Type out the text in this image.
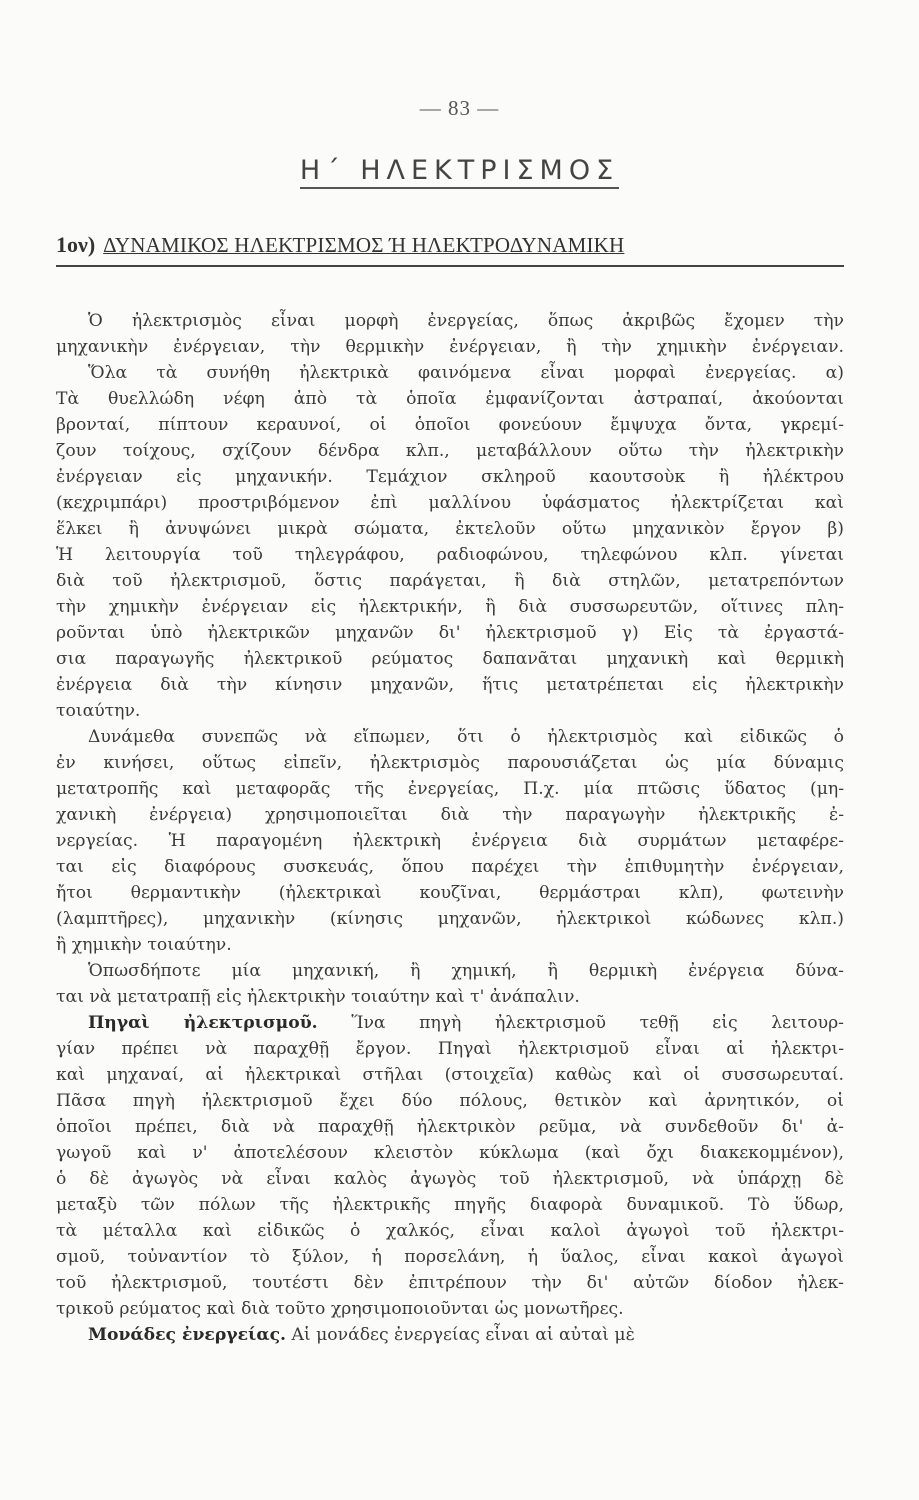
— 83 —
Η΄ ΗΛΕΚΤΡΙΣΜΟΣ
1ον) ΔΥΝΑΜΙΚΟΣ ΗΛΕΚΤΡΙΣΜΟΣ Ή ΗΛΕΚΤΡΟΔΥΝΑΜΙΚΗ
Ὁ ἠλεκτρισμὸς εἶναι μορφὴ ἐνεργείας, ὅπως ἀκριβῶς ἔχομεν τὴν
μηχανικὴν ἐνέργειαν, τὴν θερμικὴν ἐνέργειαν, ἢ τὴν χημικὴν ἐνέργειαν.
Ὅλα τὰ συνήθη ἠλεκτρικὰ φαινόμενα εἶναι μορφαὶ ἐνεργείας. α)
Τὰ θυελλώδη νέφη ἀπὸ τὰ ὁποῖα ἐμφανίζονται ἀστραπαί, ἀκούονται
βρονταί, πίπτουν κεραυνοί, οἱ ὁποῖοι φονεύουν ἔμψυχα ὄντα, γκρεμί-
ζουν τοίχους, σχίζουν δένδρα κλπ., μεταβάλλουν οὕτω τὴν ἠλεκτρικὴν
ἐνέργειαν εἰς μηχανικήν. Τεμάχιον σκληροῦ καουτσοὺκ ἢ ἠλέκτρου
(κεχριμπάρι) προστριβόμενον ἐπὶ μαλλίνου ὑφάσματος ἠλεκτρίζεται καὶ
ἕλκει ἢ ἀνυψώνει μικρὰ σώματα, ἐκτελοῦν οὕτω μηχανικὸν ἔργον β)
Ἡ λειτουργία τοῦ τηλεγράφου, ραδιοφώνου, τηλεφώνου κλπ. γίνεται
διὰ τοῦ ἠλεκτρισμοῦ, ὅστις παράγεται, ἢ διὰ στηλῶν, μετατρεπόντων
τὴν χημικὴν ἐνέργειαν εἰς ἠλεκτρικήν, ἢ διὰ συσσωρευτῶν, οἵτινες πλη-
ροῦνται ὑπὸ ἠλεκτρικῶν μηχανῶν δι' ἠλεκτρισμοῦ γ) Εἰς τὰ ἐργαστά-
σια παραγωγῆς ἠλεκτρικοῦ ρεύματος δαπανᾶται μηχανικὴ καὶ θερμικὴ
ἐνέργεια διὰ τὴν κίνησιν μηχανῶν, ἥτις μετατρέπεται εἰς ἠλεκτρικὴν
τοιαύτην.
Δυνάμεθα συνεπῶς νὰ εἴπωμεν, ὅτι ὁ ἠλεκτρισμὸς καὶ εἰδικῶς ὁ
ἐν κινήσει, οὕτως εἰπεῖν, ἠλεκτρισμὸς παρουσιάζεται ὡς μία δύναμις
μετατροπῆς καὶ μεταφορᾶς τῆς ἐνεργείας, Π.χ. μία πτῶσις ὕδατος (μη-
χανικὴ ἐνέργεια) χρησιμοποιεῖται διὰ τὴν παραγωγὴν ἠλεκτρικῆς ἐ-
νεργείας. Ἡ παραγομένη ἠλεκτρικὴ ἐνέργεια διὰ συρμάτων μεταφέρε-
ται εἰς διαφόρους συσκευάς, ὅπου παρέχει τὴν ἐπιθυμητὴν ἐνέργειαν,
ἤτοι θερμαντικὴν (ἠλεκτρικαὶ κουζῖναι, θερμάστραι κλπ), φωτεινὴν
(λαμπτῆρες), μηχανικὴν (κίνησις μηχανῶν, ἠλεκτρικοὶ κώδωνες κλπ.)
ἢ χημικὴν τοιαύτην.
Ὁπωσδήποτε μία μηχανική, ἢ χημική, ἢ θερμικὴ ἐνέργεια δύνα-
ται νὰ μετατραπῇ εἰς ἠλεκτρικὴν τοιαύτην καὶ τ' ἀνάπαλιν.
Πηγαὶ ἠλεκτρισμοῦ. Ἵνα πηγὴ ἠλεκτρισμοῦ τεθῇ εἰς λειτουρ-
γίαν πρέπει νὰ παραχθῇ ἔργον. Πηγαὶ ἠλεκτρισμοῦ εἶναι αἱ ἠλεκτρι-
καὶ μηχαναί, αἱ ἠλεκτρικαὶ στῆλαι (στοιχεῖα) καθὼς καὶ οἱ συσσωρευταί.
Πᾶσα πηγὴ ἠλεκτρισμοῦ ἔχει δύο πόλους, θετικὸν καὶ ἀρνητικόν, οἱ
ὁποῖοι πρέπει, διὰ νὰ παραχθῇ ἠλεκτρικὸν ρεῦμα, νὰ συνδεθοῦν δι' ἀ-
γωγοῦ καὶ ν' ἀποτελέσουν κλειστὸν κύκλωμα (καὶ ὄχι διακεκομμένον),
ὁ δὲ ἀγωγὸς νὰ εἶναι καλὸς ἀγωγὸς τοῦ ἠλεκτρισμοῦ, νὰ ὑπάρχῃ δὲ
μεταξὺ τῶν πόλων τῆς ἠλεκτρικῆς πηγῆς διαφορὰ δυναμικοῦ. Τὸ ὕδωρ,
τὰ μέταλλα καὶ εἰδικῶς ὁ χαλκός, εἶναι καλοὶ ἀγωγοὶ τοῦ ἠλεκτρι-
σμοῦ, τοὐναντίον τὸ ξύλον, ἡ πορσελάνη, ἡ ὕαλος, εἶναι κακοὶ ἀγωγοὶ
τοῦ ἠλεκτρισμοῦ, τουτέστι δὲν ἐπιτρέπουν τὴν δι' αὐτῶν δίοδον ἠλεκ-
τρικοῦ ρεύματος καὶ διὰ τοῦτο χρησιμοποιοῦνται ὡς μονωτῆρες.
Μονάδες ἐνεργείας. Αἱ μονάδες ἐνεργείας εἶναι αἱ αὐταὶ μὲ
